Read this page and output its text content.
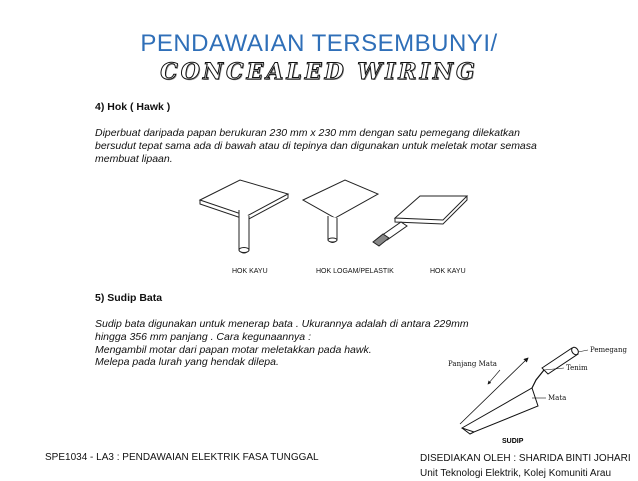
PENDAWAIAN TERSEMBUNYI/
CONCEALED WIRING
4) Hok ( Hawk )
Diperbuat daripada papan berukuran 230 mm x 230 mm dengan satu pemegang dilekatkan bersudut tepat sama ada di bawah atau di tepinya dan digunakan untuk meletak motar semasa membuat lipaan.
HOK KAYU	HOK LOGAM/PELASTIK	HOK KAYU
5) Sudip Bata
Sudip bata digunakan untuk menerap bata . Ukurannya adalah di antara 229mm
hingga 356 mm panjang . Cara kegunaannya :
Mengambil motar dari papan motar meletakkan pada hawk.
Melepa pada lurah yang hendak dilepa.	Panjang Mata
Pemegang
Tenim
Mata
SUDIP
SPE1034 - LA3 : PENDAWAIAN ELEKTRIK FASA TUNGGAL	DISEDIAKAN OLEH : SHARIDA BINTI JOHARI
Unit Teknologi Elektrik, Kolej Komuniti Arau
